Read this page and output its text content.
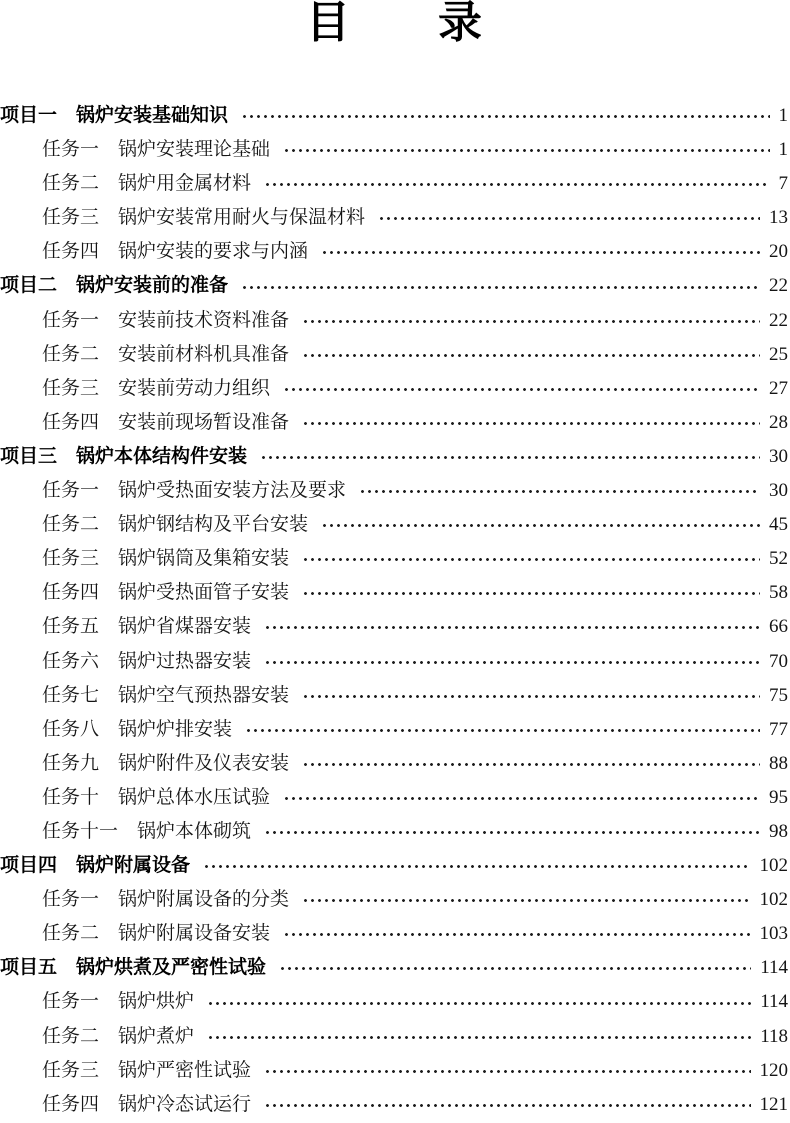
目　　录
项目一 锅炉安装基础知识	1
任务一 锅炉安装理论基础	1
任务二 锅炉用金属材料	7
任务三 锅炉安装常用耐火与保温材料	13
任务四 锅炉安装的要求与内涵	20
项目二 锅炉安装前的准备	22
任务一 安装前技术资料准备	22
任务二 安装前材料机具准备	25
任务三 安装前劳动力组织	27
任务四 安装前现场暂设准备	28
项目三 锅炉本体结构件安装	30
任务一 锅炉受热面安装方法及要求	30
任务二 锅炉钢结构及平台安装	45
任务三 锅炉锅筒及集箱安装	52
任务四 锅炉受热面管子安装	58
任务五 锅炉省煤器安装	66
任务六 锅炉过热器安装	70
任务七 锅炉空气预热器安装	75
任务八 锅炉炉排安装	77
任务九 锅炉附件及仪表安装	88
任务十 锅炉总体水压试验	95
任务十一 锅炉本体砌筑	98
项目四 锅炉附属设备	102
任务一 锅炉附属设备的分类	102
任务二 锅炉附属设备安装	103
项目五 锅炉烘煮及严密性试验	114
任务一 锅炉烘炉	114
任务二 锅炉煮炉	118
任务三 锅炉严密性试验	120
任务四 锅炉冷态试运行	121
